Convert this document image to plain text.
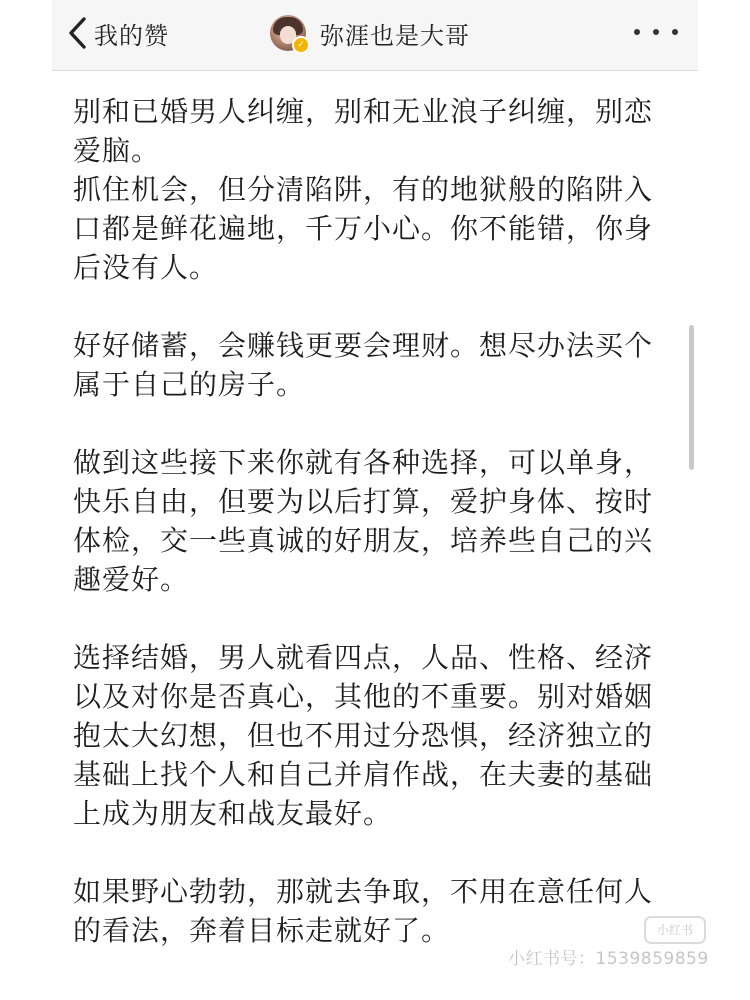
我的赞	✓ 弥涯也是大哥

别和已婚男人纠缠，别和无业浪子纠缠，别恋

爱脑。

抓住机会，但分清陷阱，有的地狱般的陷阱入

口都是鲜花遍地，千万小心。你不能错，你身

后没有人。

好好储蓄，会赚钱更要会理财。想尽办法买个

属于自己的房子。

做到这些接下来你就有各种选择，可以单身，

快乐自由，但要为以后打算，爱护身体、按时

体检，交一些真诚的好朋友，培养些自己的兴

趣爱好。

选择结婚，男人就看四点，人品、性格、经济

以及对你是否真心，其他的不重要。别对婚姻

抱太大幻想，但也不用过分恐惧，经济独立的

基础上找个人和自己并肩作战，在夫妻的基础

上成为朋友和战友最好。

如果野心勃勃，那就去争取，不用在意任何人

的看法，奔着目标走就好了。	小红书
小红书号：1539859859
